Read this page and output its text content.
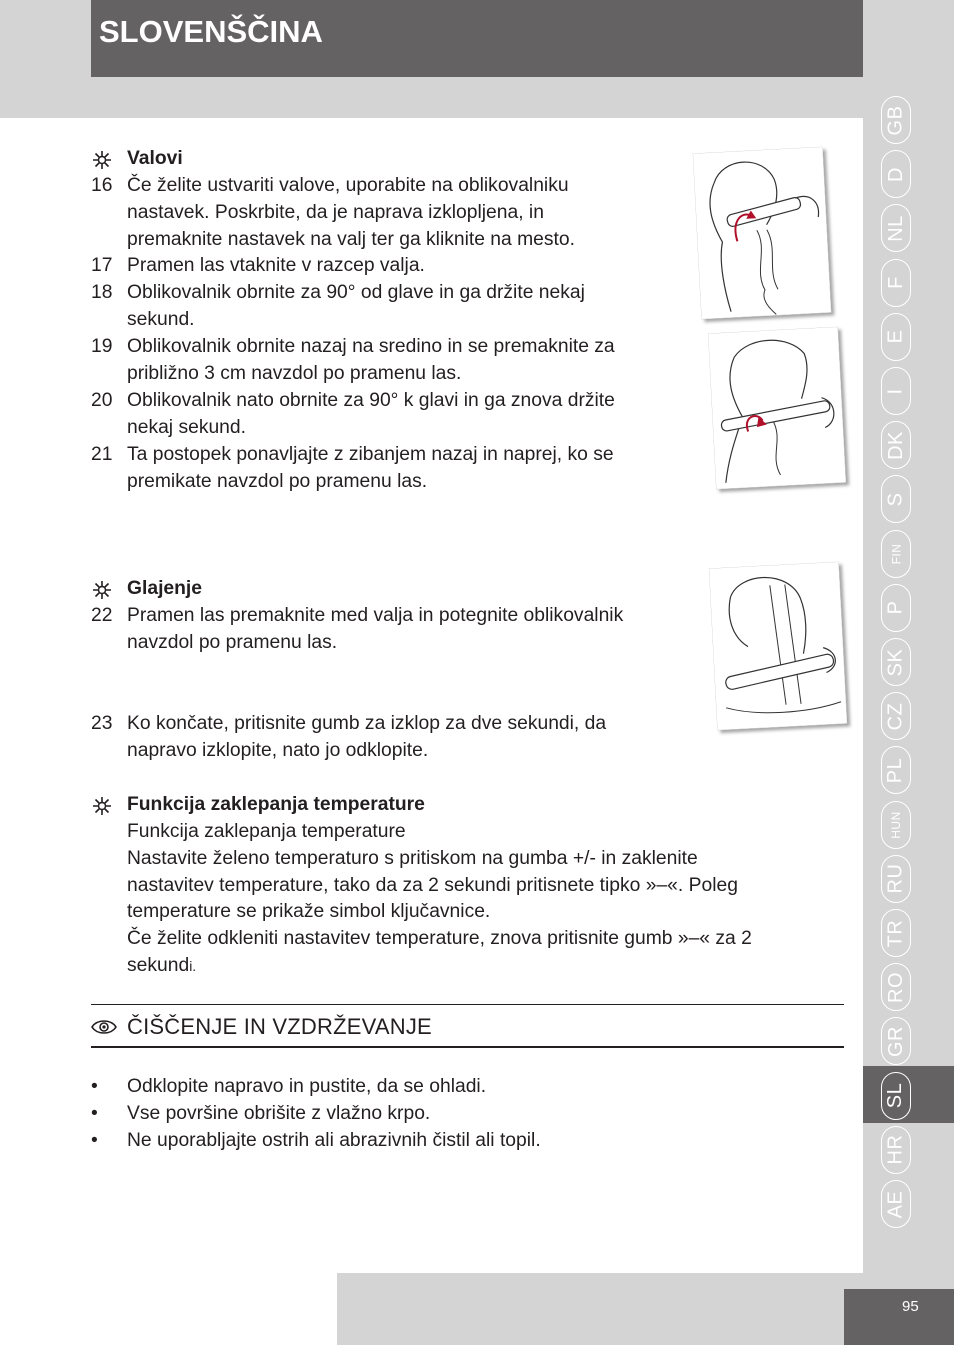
SLOVENŠČINA
GB
D
NL
F
E
I
DK
S
FIN
P
SK
CZ
PL
HUN
RU
TR
RO
GR
SL
HR
AE
95
Valovi
16 Če želite ustvariti valove, uporabite na oblikovalniku
nastavek. Poskrbite, da je naprava izklopljena, in
premaknite nastavek na valj ter ga kliknite na mesto.
17 Pramen las vtaknite v razcep valja.
18 Oblikovalnik obrnite za 90° od glave in ga držite nekaj
sekund.
19 Oblikovalnik obrnite nazaj na sredino in se premaknite za
približno 3 cm navzdol po pramenu las.
20 Oblikovalnik nato obrnite za 90° k glavi in ga znova držite
nekaj sekund.
21 Ta postopek ponavljajte z zibanjem nazaj in naprej, ko se
premikate navzdol po pramenu las.
Glajenje
22 Pramen las premaknite med valja in potegnite oblikovalnik
navzdol po pramenu las.
23 Ko končate, pritisnite gumb za izklop za dve sekundi, da
napravo izklopite, nato jo odklopite.
Funkcija zaklepanja temperature
Funkcija zaklepanja temperature
Nastavite želeno temperaturo s pritiskom na gumba +/- in zaklenite
nastavitev temperature, tako da za 2 sekundi pritisnete tipko »–«. Poleg
temperature se prikaže simbol ključavnice.
Če želite odkleniti nastavitev temperature, znova pritisnite gumb »–« za 2
sekundi.
ČIŠČENJE IN VZDRŽEVANJE
• Odklopite napravo in pustite, da se ohladi.
• Vse površine obrišite z vlažno krpo.
• Ne uporabljajte ostrih ali abrazivnih čistil ali topil.
